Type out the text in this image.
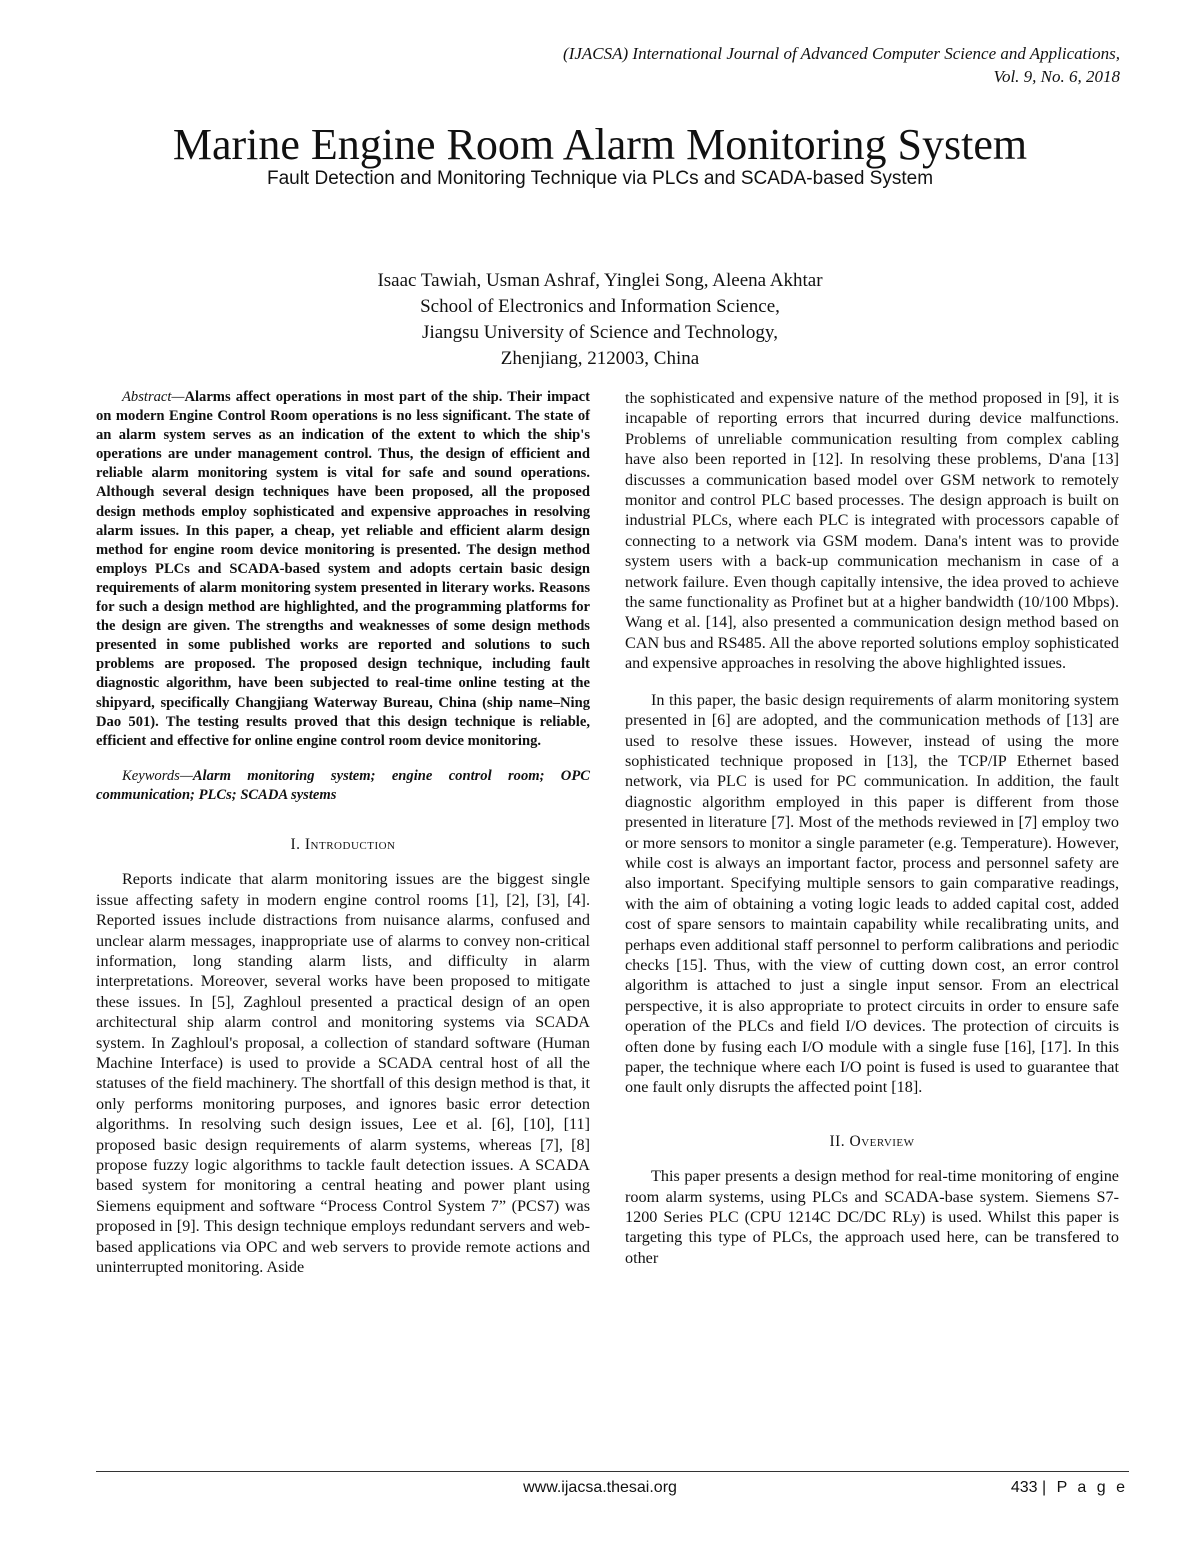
(IJACSA) International Journal of Advanced Computer Science and Applications,
Vol. 9, No. 6, 2018
Marine Engine Room Alarm Monitoring System
Fault Detection and Monitoring Technique via PLCs and SCADA-based System
Isaac Tawiah, Usman Ashraf, Yinglei Song, Aleena Akhtar
School of Electronics and Information Science,
Jiangsu University of Science and Technology,
Zhenjiang, 212003, China

Abstract—Alarms affect operations in most part of the ship. Their impact on modern Engine Control Room operations is no less significant. The state of an alarm system serves as an indication of the extent to which the ship's operations are under management control. Thus, the design of efficient and reliable alarm monitoring system is vital for safe and sound operations. Although several design techniques have been proposed, all the proposed design methods employ sophisticated and expensive approaches in resolving alarm issues. In this paper, a cheap, yet reliable and efficient alarm design method for engine room device monitoring is presented. The design method employs PLCs and SCADA-based system and adopts certain basic design requirements of alarm monitoring system presented in literary works. Reasons for such a design method are highlighted, and the programming platforms for the design are given. The strengths and weaknesses of some design methods presented in some published works are reported and solutions to such problems are proposed. The proposed design technique, including fault diagnostic algorithm, have been subjected to real-time online testing at the shipyard, specifically Changjiang Waterway Bureau, China (ship name–Ning Dao 501). The testing results proved that this design technique is reliable, efficient and effective for online engine control room device monitoring.

Keywords—Alarm monitoring system; engine control room; OPC communication; PLCs; SCADA systems

I. Introduction

Reports indicate that alarm monitoring issues are the biggest single issue affecting safety in modern engine control rooms [1], [2], [3], [4]. Reported issues include distractions from nuisance alarms, confused and unclear alarm messages, inappropriate use of alarms to convey non-critical information, long standing alarm lists, and difficulty in alarm interpretations. Moreover, several works have been proposed to mitigate these issues. In [5], Zaghloul presented a practical design of an open architectural ship alarm control and monitoring systems via SCADA system. In Zaghloul's proposal, a collection of standard software (Human Machine Interface) is used to provide a SCADA central host of all the statuses of the field machinery. The shortfall of this design method is that, it only performs monitoring purposes, and ignores basic error detection algorithms. In resolving such design issues, Lee et al. [6], [10], [11] proposed basic design requirements of alarm systems, whereas [7], [8] propose fuzzy logic algorithms to tackle fault detection issues. A SCADA based system for monitoring a central heating and power plant using Siemens equipment and software “Process Control System 7” (PCS7) was proposed in [9]. This design technique employs redundant servers and web-based applications via OPC and web servers to provide remote actions and uninterrupted monitoring. Aside

the sophisticated and expensive nature of the method proposed in [9], it is incapable of reporting errors that incurred during device malfunctions. Problems of unreliable communication resulting from complex cabling have also been reported in [12]. In resolving these problems, D'ana [13] discusses a communication based model over GSM network to remotely monitor and control PLC based processes. The design approach is built on industrial PLCs, where each PLC is integrated with processors capable of connecting to a network via GSM modem. Dana's intent was to provide system users with a back-up communication mechanism in case of a network failure. Even though capitally intensive, the idea proved to achieve the same functionality as Profinet but at a higher bandwidth (10/100 Mbps). Wang et al. [14], also presented a communication design method based on CAN bus and RS485. All the above reported solutions employ sophisticated and expensive approaches in resolving the above highlighted issues.

In this paper, the basic design requirements of alarm monitoring system presented in [6] are adopted, and the communication methods of [13] are used to resolve these issues. However, instead of using the more sophisticated technique proposed in [13], the TCP/IP Ethernet based network, via PLC is used for PC communication. In addition, the fault diagnostic algorithm employed in this paper is different from those presented in literature [7]. Most of the methods reviewed in [7] employ two or more sensors to monitor a single parameter (e.g. Temperature). However, while cost is always an important factor, process and personnel safety are also important. Specifying multiple sensors to gain comparative readings, with the aim of obtaining a voting logic leads to added capital cost, added cost of spare sensors to maintain capability while recalibrating units, and perhaps even additional staff personnel to perform calibrations and periodic checks [15]. Thus, with the view of cutting down cost, an error control algorithm is attached to just a single input sensor. From an electrical perspective, it is also appropriate to protect circuits in order to ensure safe operation of the PLCs and field I/O devices. The protection of circuits is often done by fusing each I/O module with a single fuse [16], [17]. In this paper, the technique where each I/O point is fused is used to guarantee that one fault only disrupts the affected point [18].

II. Overview

This paper presents a design method for real-time monitoring of engine room alarm systems, using PLCs and SCADA-base system. Siemens S7-1200 Series PLC (CPU 1214C DC/DC RLy) is used. Whilst this paper is targeting this type of PLCs, the approach used here, can be transfered to other

www.ijacsa.thesai.org	433 | P a g e
